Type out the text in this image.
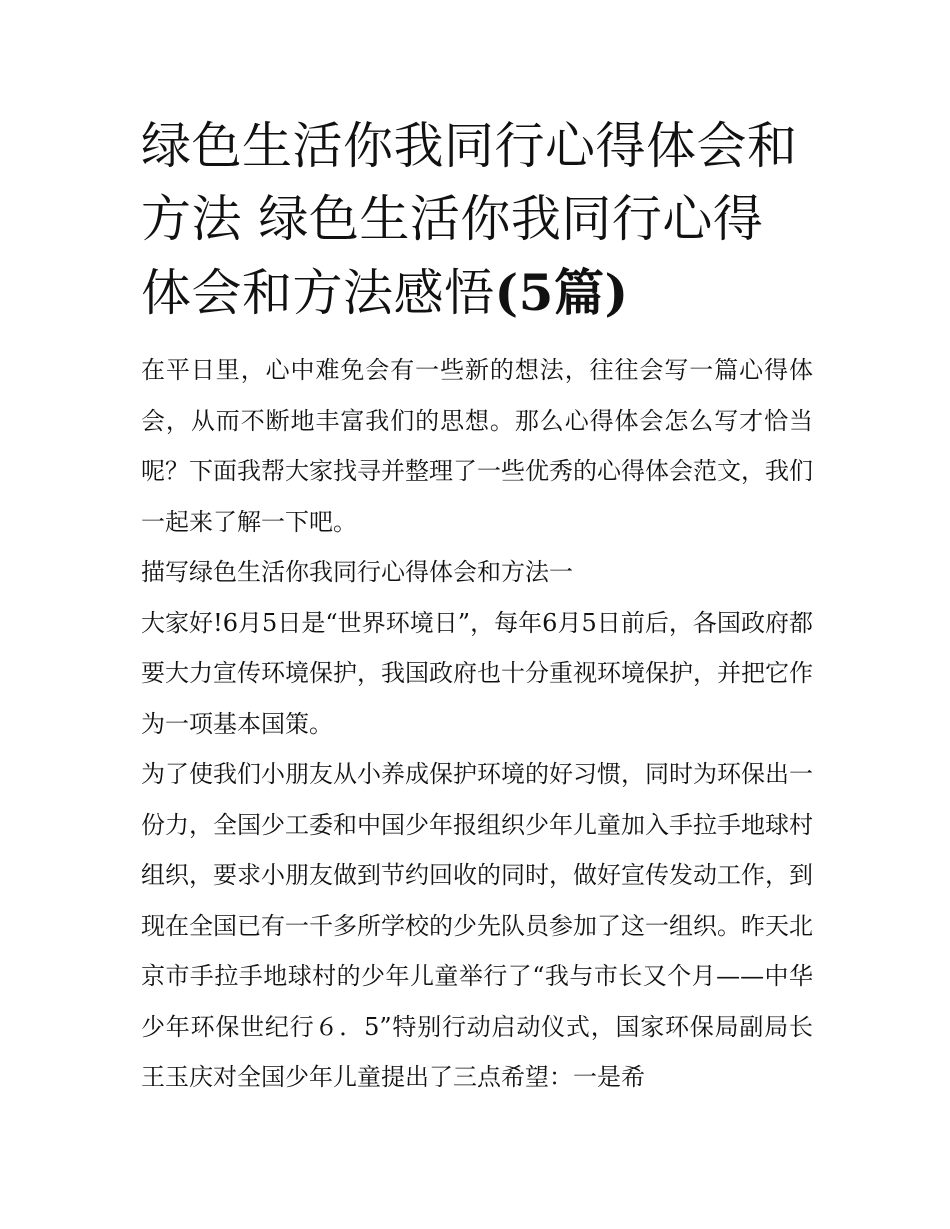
绿色生活你我同行心得体会和方法 绿色生活你我同行心得体会和方法感悟(5篇)

在平日里，心中难免会有一些新的想法，往往会写一篇心得体会，从而不断地丰富我们的思想。那么心得体会怎么写才恰当呢？下面我帮大家找寻并整理了一些优秀的心得体会范文，我们一起来了解一下吧。

描写绿色生活你我同行心得体会和方法一

大家好!6月5日是“世界环境日”，每年6月5日前后，各国政府都要大力宣传环境保护，我国政府也十分重视环境保护，并把它作为一项基本国策。

为了使我们小朋友从小养成保护环境的好习惯，同时为环保出一份力，全国少工委和中国少年报组织少年儿童加入手拉手地球村组织，要求小朋友做到节约回收的同时，做好宣传发动工作，到现在全国已有一千多所学校的少先队员参加了这一组织。昨天北京市手拉手地球村的少年儿童举行了“我与市长又个月——中华少年环保世纪行６．5”特别行动启动仪式，国家环保局副局长王玉庆对全国少年儿童提出了三点希望：一是希
